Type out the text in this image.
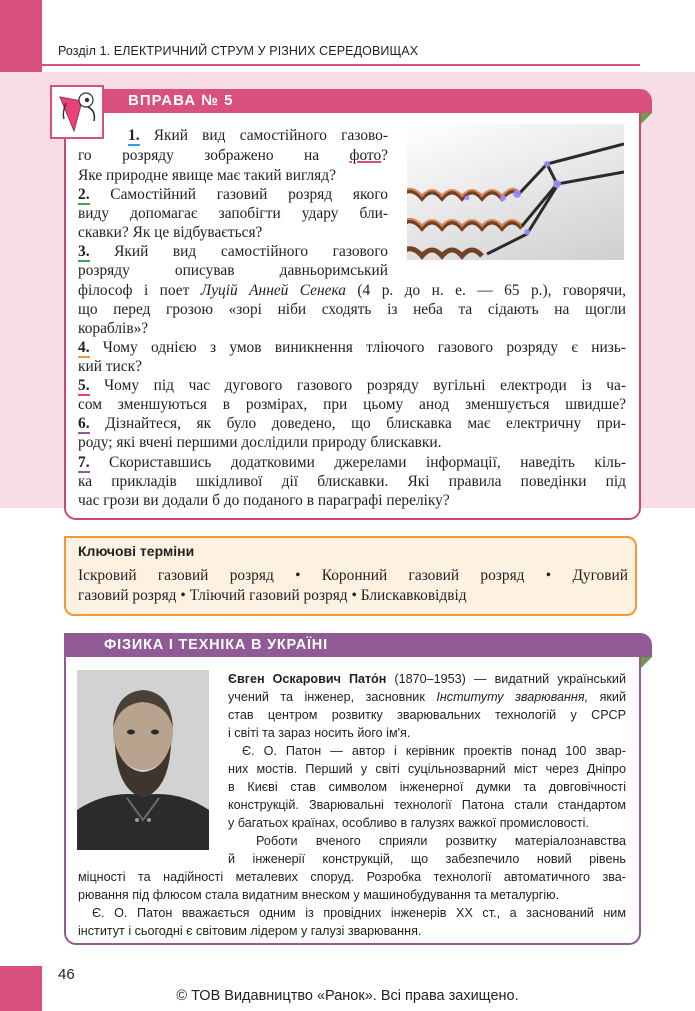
Розділ 1. ЕЛЕКТРИЧНИЙ СТРУМ У РІЗНИХ СЕРЕДОВИЩАХ
ВПРАВА № 5
1. Який вид самостійного газово-
го розряду зображено на фото?
Яке природне явище має такий вигляд?
2. Самостійний газовий розряд якого
виду допомагає запобігти удару бли-
скавки? Як це відбувається?
3. Який вид самостійного газового
розряду описував давньоримський
філософ і поет Луцій Анней Сенека (4 р. до н. е. — 65 р.), говорячи,
що перед грозою «зорі ніби сходять із неба та сідають на щогли
кораблів»?
4. Чому однією з умов виникнення тліючого газового розряду є низь-
кий тиск?
5. Чому під час дугового газового розряду вугільні електроди із ча-
сом зменшуються в розмірах, при цьому анод зменшується швидше?
6. Дізнайтеся, як було доведено, що блискавка має електричну при-
роду; які вчені першими дослідили природу блискавки.
7. Скориставшись додатковими джерелами інформації, наведіть кіль-
ка прикладів шкідливої дії блискавки. Які правила поведінки під
час грози ви додали б до поданого в параграфі переліку?
Ключові терміни
Іскровий газовий розряд • Коронний газовий розряд • Дуговий
газовий розряд • Тліючий газовий розряд • Блискавковідвід
ФІЗИКА І ТЕХНІКА В УКРАЇНІ
Євген Оскарович Пато́н (1870–1953) — видатний український
учений та інженер, засновник Інституту зварювання, який
став центром розвитку зварювальних технологій у СРСР
і світі та зараз носить його ім'я.
Є. О. Патон — автор і керівник проектів понад 100 звар-
них мостів. Перший у світі суцільнозварний міст через Дніпро
в Києві став символом інженерної думки та довговічності
конструкцій. Зварювальні технології Патона стали стандартом
у багатьох країнах, особливо в галузях важкої промисловості.
Роботи вченого сприяли розвитку матеріалознавства
й інженерії конструкцій, що забезпечило новий рівень
міцності та надійності металевих споруд. Розробка технології автоматичного зва-
рювання під флюсом стала видатним внеском у машинобудування та металургію.
Є. О. Патон вважається одним із провідних інженерів XX ст., а заснований ним
інститут і сьогодні є світовим лідером у галузі зварювання.
46
© ТОВ Видавництво «Ранок». Всі права захищено.
